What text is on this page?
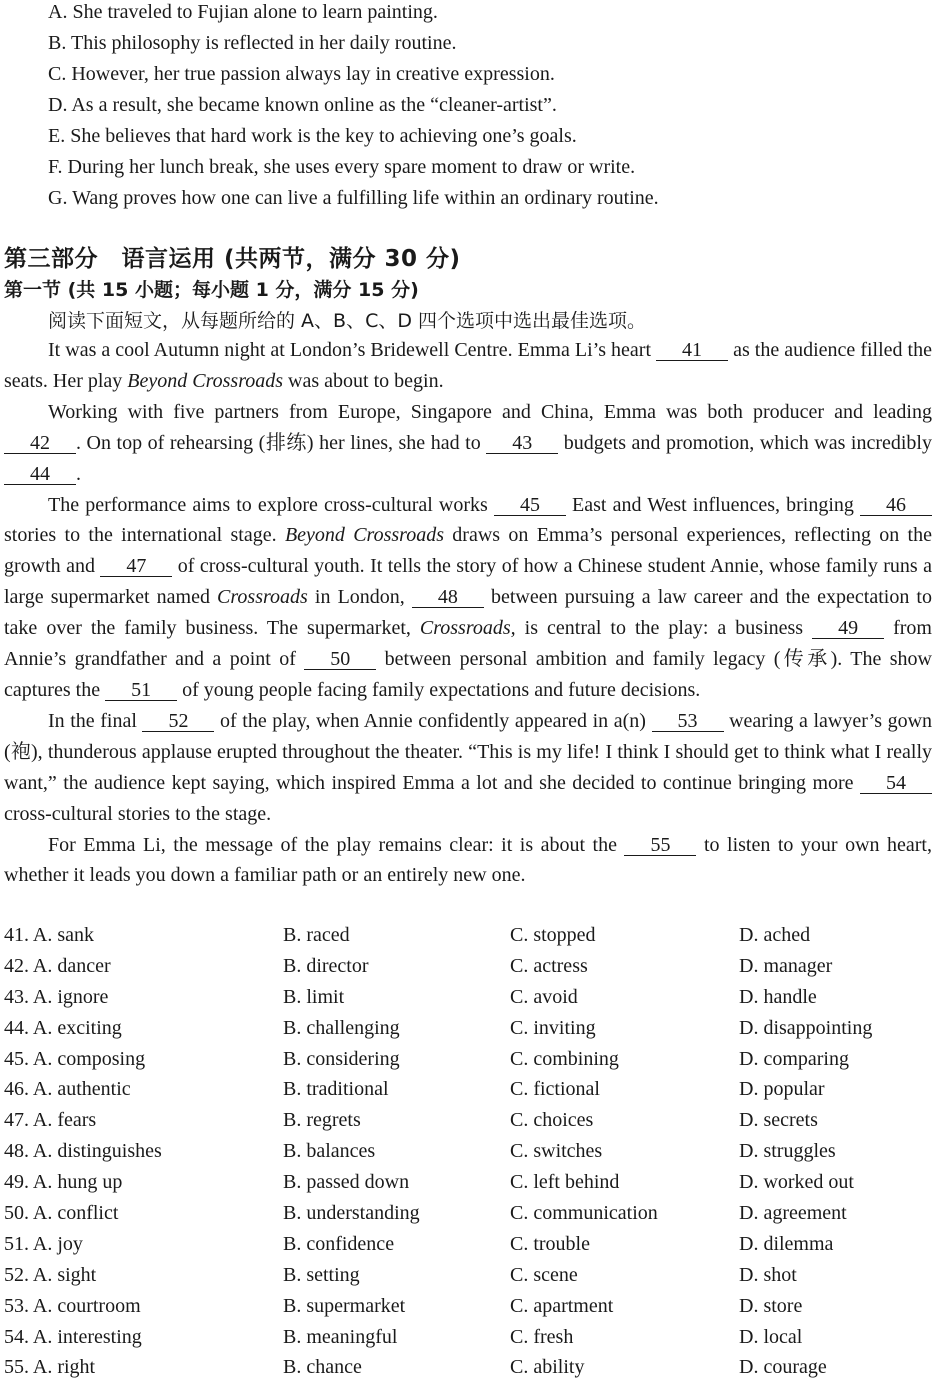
A. She traveled to Fujian alone to learn painting.
B. This philosophy is reflected in her daily routine.
C. However, her true passion always lay in creative expression.
D. As a result, she became known online as the “cleaner-artist”.
E. She believes that hard work is the key to achieving one’s goals.
F. During her lunch break, she uses every spare moment to draw or write.
G. Wang proves how one can live a fulfilling life within an ordinary routine.
第三部分　语言运用 (共两节，满分 30 分)
第一节 (共 15 小题；每小题 1 分，满分 15 分)
阅读下面短文，从每题所给的 A、B、C、D 四个选项中选出最佳选项。

It was a cool Autumn night at London’s Bridewell Centre. Emma Li’s heart 41 as the audience filled the seats. Her play Beyond Crossroads was about to begin.

Working with five partners from Europe, Singapore and China, Emma was both producer and leading 42 . On top of rehearsing (排练) her lines, she had to 43 budgets and promotion, which was incredibly 44 .

The performance aims to explore cross-cultural works 45 East and West influences, bringing 46 stories to the international stage. Beyond Crossroads draws on Emma’s personal experiences, reflecting on the growth and 47 of cross-cultural youth. It tells the story of how a Chinese student Annie, whose family runs a large supermarket named Crossroads in London, 48 between pursuing a law career and the expectation to take over the family business. The supermarket, Crossroads, is central to the play: a business 49 from Annie’s grandfather and a point of 50 between personal ambition and family legacy (传承). The show captures the 51 of young people facing family expectations and future decisions.

In the final 52 of the play, when Annie confidently appeared in a(n) 53 wearing a lawyer’s gown (袍), thunderous applause erupted throughout the theater. “This is my life! I think I should get to think what I really want,” the audience kept saying, which inspired Emma a lot and she decided to continue bringing more 54 cross-cultural stories to the stage.

For Emma Li, the message of the play remains clear: it is about the 55 to listen to your own heart, whether it leads you down a familiar path or an entirely new one.

41. A. sank	B. raced	C. stopped	D. ached
42. A. dancer	B. director	C. actress	D. manager
43. A. ignore	B. limit	C. avoid	D. handle
44. A. exciting	B. challenging	C. inviting	D. disappointing
45. A. composing	B. considering	C. combining	D. comparing
46. A. authentic	B. traditional	C. fictional	D. popular
47. A. fears	B. regrets	C. choices	D. secrets
48. A. distinguishes	B. balances	C. switches	D. struggles
49. A. hung up	B. passed down	C. left behind	D. worked out
50. A. conflict	B. understanding	C. communication	D. agreement
51. A. joy	B. confidence	C. trouble	D. dilemma
52. A. sight	B. setting	C. scene	D. shot
53. A. courtroom	B. supermarket	C. apartment	D. store
54. A. interesting	B. meaningful	C. fresh	D. local
55. A. right	B. chance	C. ability	D. courage
